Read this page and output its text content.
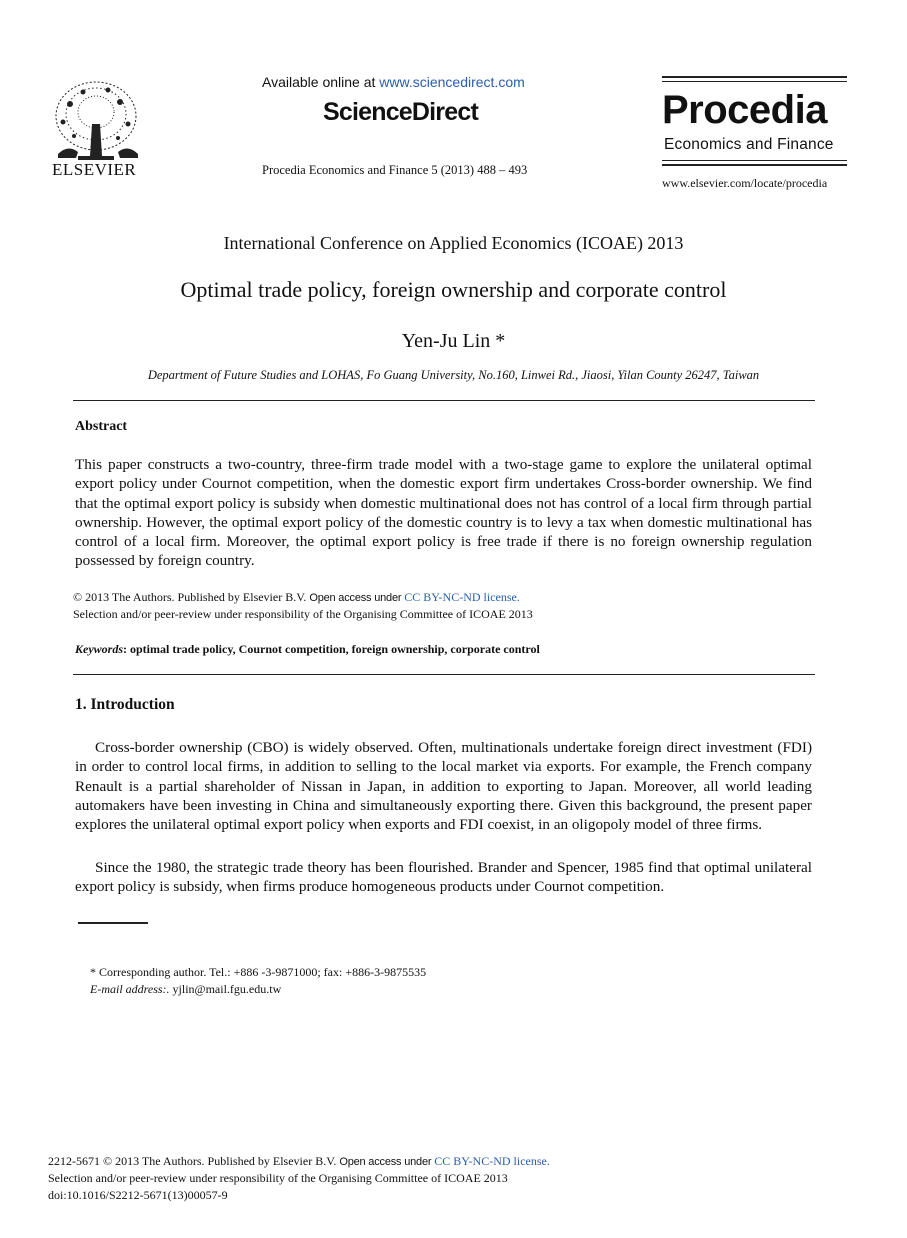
ELSEVIER
Available online at www.sciencedirect.com
ScienceDirect
Procedia Economics and Finance 5 (2013) 488 – 493
Procedia
Economics and Finance
www.elsevier.com/locate/procedia
International Conference on Applied Economics (ICOAE) 2013
Optimal trade policy, foreign ownership and corporate control
Yen-Ju Lin *
Department of Future Studies and LOHAS, Fo Guang University, No.160, Linwei Rd., Jiaosi, Yilan County 26247, Taiwan
Abstract
This paper constructs a two-country, three-firm trade model with a two-stage game to explore the unilateral optimal export policy under Cournot competition, when the domestic export firm undertakes Cross-border ownership. We find that the optimal export policy is subsidy when domestic multinational does not has control of a local firm through partial ownership. However, the optimal export policy of the domestic country is to levy a tax when domestic multinational has control of a local firm. Moreover, the optimal export policy is free trade if there is no foreign ownership regulation possessed by foreign country.
© 2013 The Authors. Published by Elsevier B.V. Open access under CC BY-NC-ND license.
Selection and/or peer-review under responsibility of the Organising Committee of ICOAE 2013
Keywords: optimal trade policy, Cournot competition, foreign ownership, corporate control
1. Introduction
Cross-border ownership (CBO) is widely observed. Often, multinationals undertake foreign direct investment (FDI) in order to control local firms, in addition to selling to the local market via exports. For example, the French company Renault is a partial shareholder of Nissan in Japan, in addition to exporting to Japan. Moreover, all world leading automakers have been investing in China and simultaneously exporting there. Given this background, the present paper explores the unilateral optimal export policy when exports and FDI coexist, in an oligopoly model of three firms.
Since the 1980, the strategic trade theory has been flourished. Brander and Spencer, 1985 find that optimal unilateral export policy is subsidy, when firms produce homogeneous products under Cournot competition.
* Corresponding author. Tel.: +886 -3-9871000; fax: +886-3-9875535
E-mail address:. yjlin@mail.fgu.edu.tw
2212-5671 © 2013 The Authors. Published by Elsevier B.V. Open access under CC BY-NC-ND license.
Selection and/or peer-review under responsibility of the Organising Committee of ICOAE 2013
doi:10.1016/S2212-5671(13)00057-9
